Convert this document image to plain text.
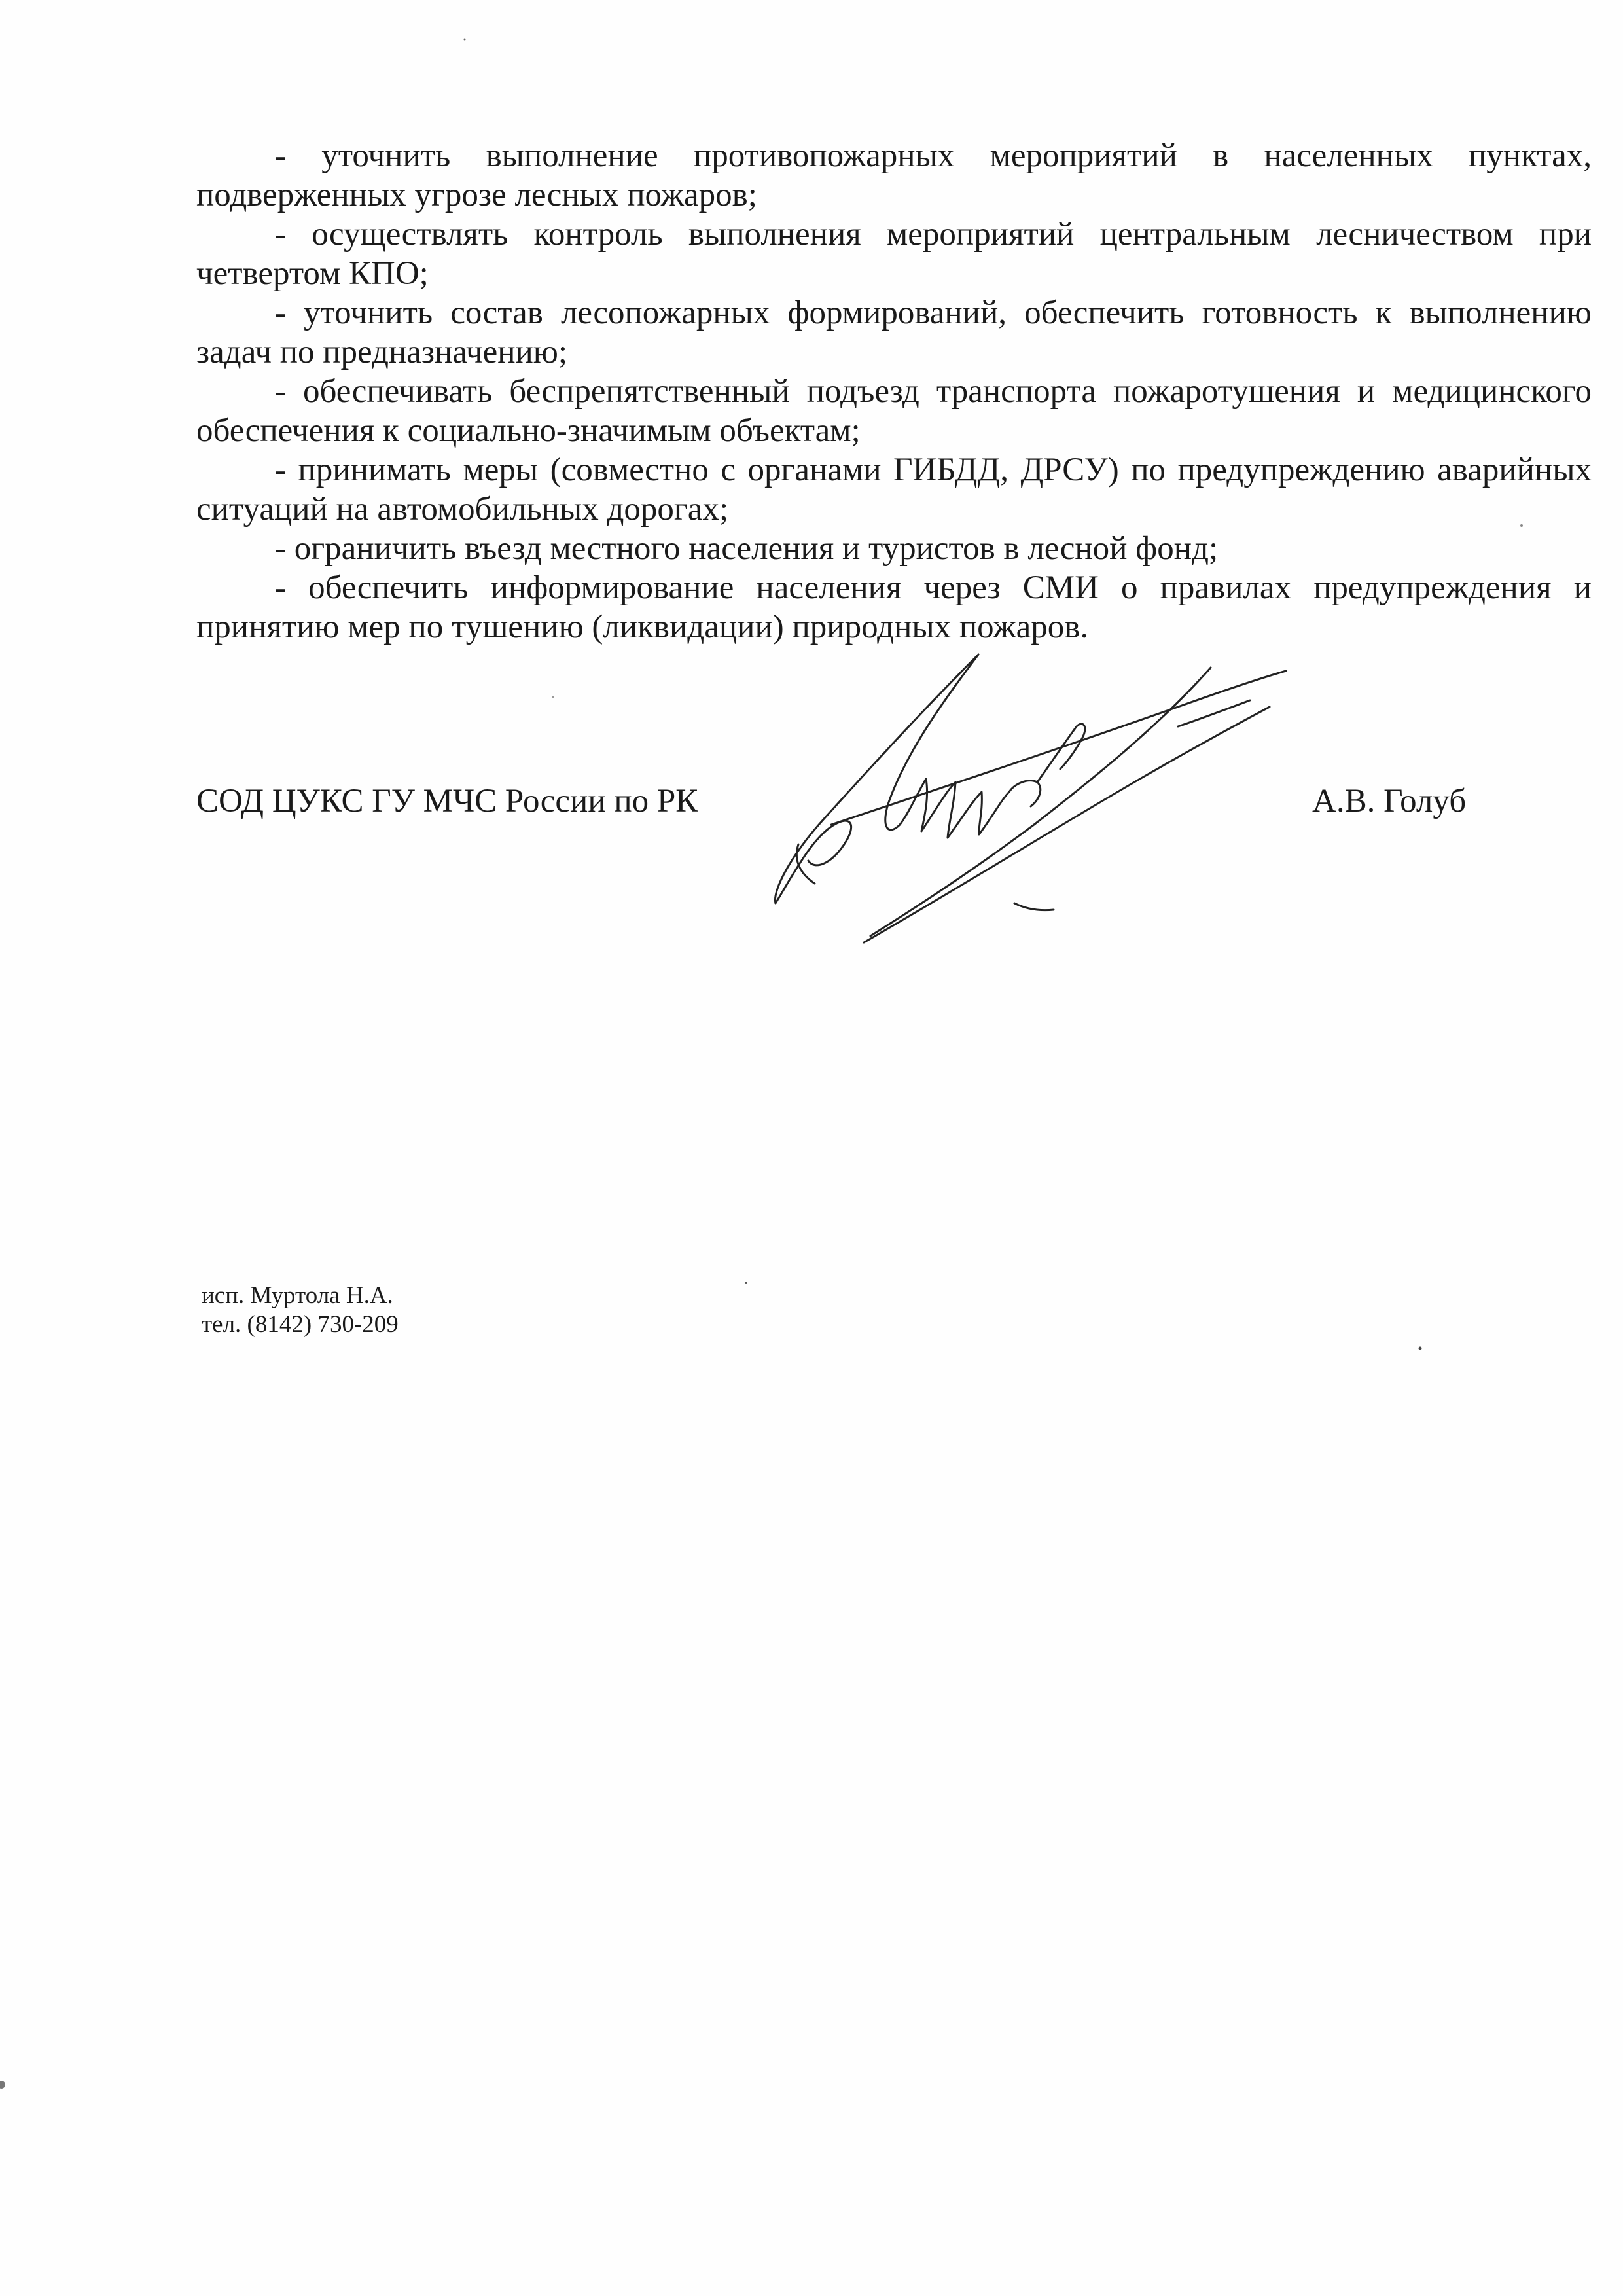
- уточнить выполнение противопожарных мероприятий в населенных пунктах, подверженных угрозе лесных пожаров;

- осуществлять контроль выполнения мероприятий центральным лесничеством при четвертом КПО;

- уточнить состав лесопожарных формирований, обеспечить готовность к выполнению задач по предназначению;

- обеспечивать беспрепятственный подъезд транспорта пожаротушения и медицинского обеспечения к социально-значимым объектам;

- принимать меры (совместно с органами ГИБДД, ДРСУ) по предупреждению аварийных ситуаций на автомобильных дорогах;

- ограничить въезд местного населения и туристов в лесной фонд;

- обеспечить информирование населения через СМИ о правилах предупреждения и принятию мер по тушению (ликвидации) природных пожаров.

СОД ЦУКС ГУ МЧС России по РК	А.В. Голуб
исп. Муртола Н.А.
тел. (8142) 730-209
